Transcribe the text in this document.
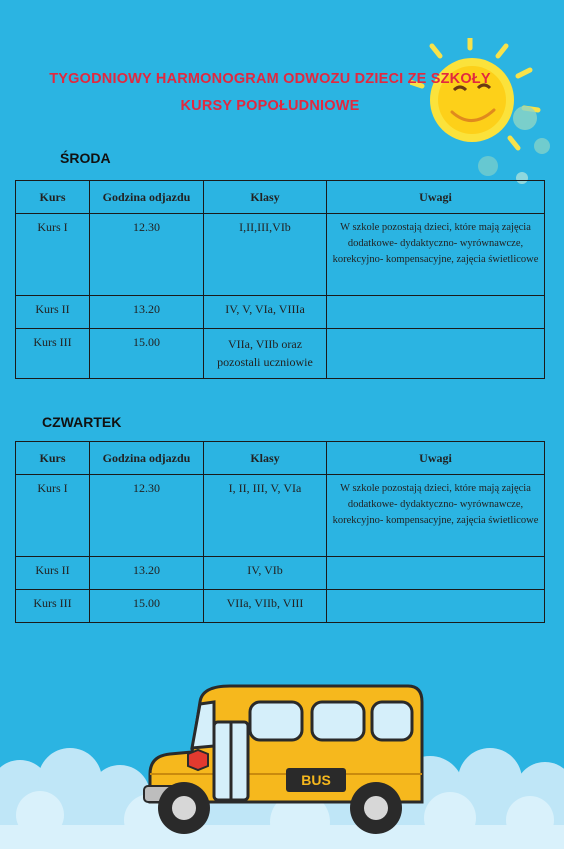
TYGODNIOWY HARMONOGRAM ODWOZU DZIECI ZE SZKOŁY
KURSY POPOŁUDNIOWE
ŚRODA
Kurs	Godzina odjazdu	Klasy	Uwagi
Kurs I	12.30	I,II,III,VIb	W szkole pozostają dzieci, które mają zajęcia dodatkowe- dydaktyczno- wyrównawcze, korekcyjno- kompensacyjne, zajęcia świetlicowe
Kurs II	13.20	IV, V, VIa, VIIIa	
Kurs III	15.00	VIIa, VIIb oraz pozostali uczniowie	
CZWARTEK
Kurs	Godzina odjazdu	Klasy	Uwagi
Kurs I	12.30	I, II, III, V, VIa	W szkole pozostają dzieci, które mają zajęcia dodatkowe- dydaktyczno- wyrównawcze, korekcyjno- kompensacyjne, zajęcia świetlicowe
Kurs II	13.20	IV, VIb	
Kurs III	15.00	VIIa, VIIb, VIII	
BUS
